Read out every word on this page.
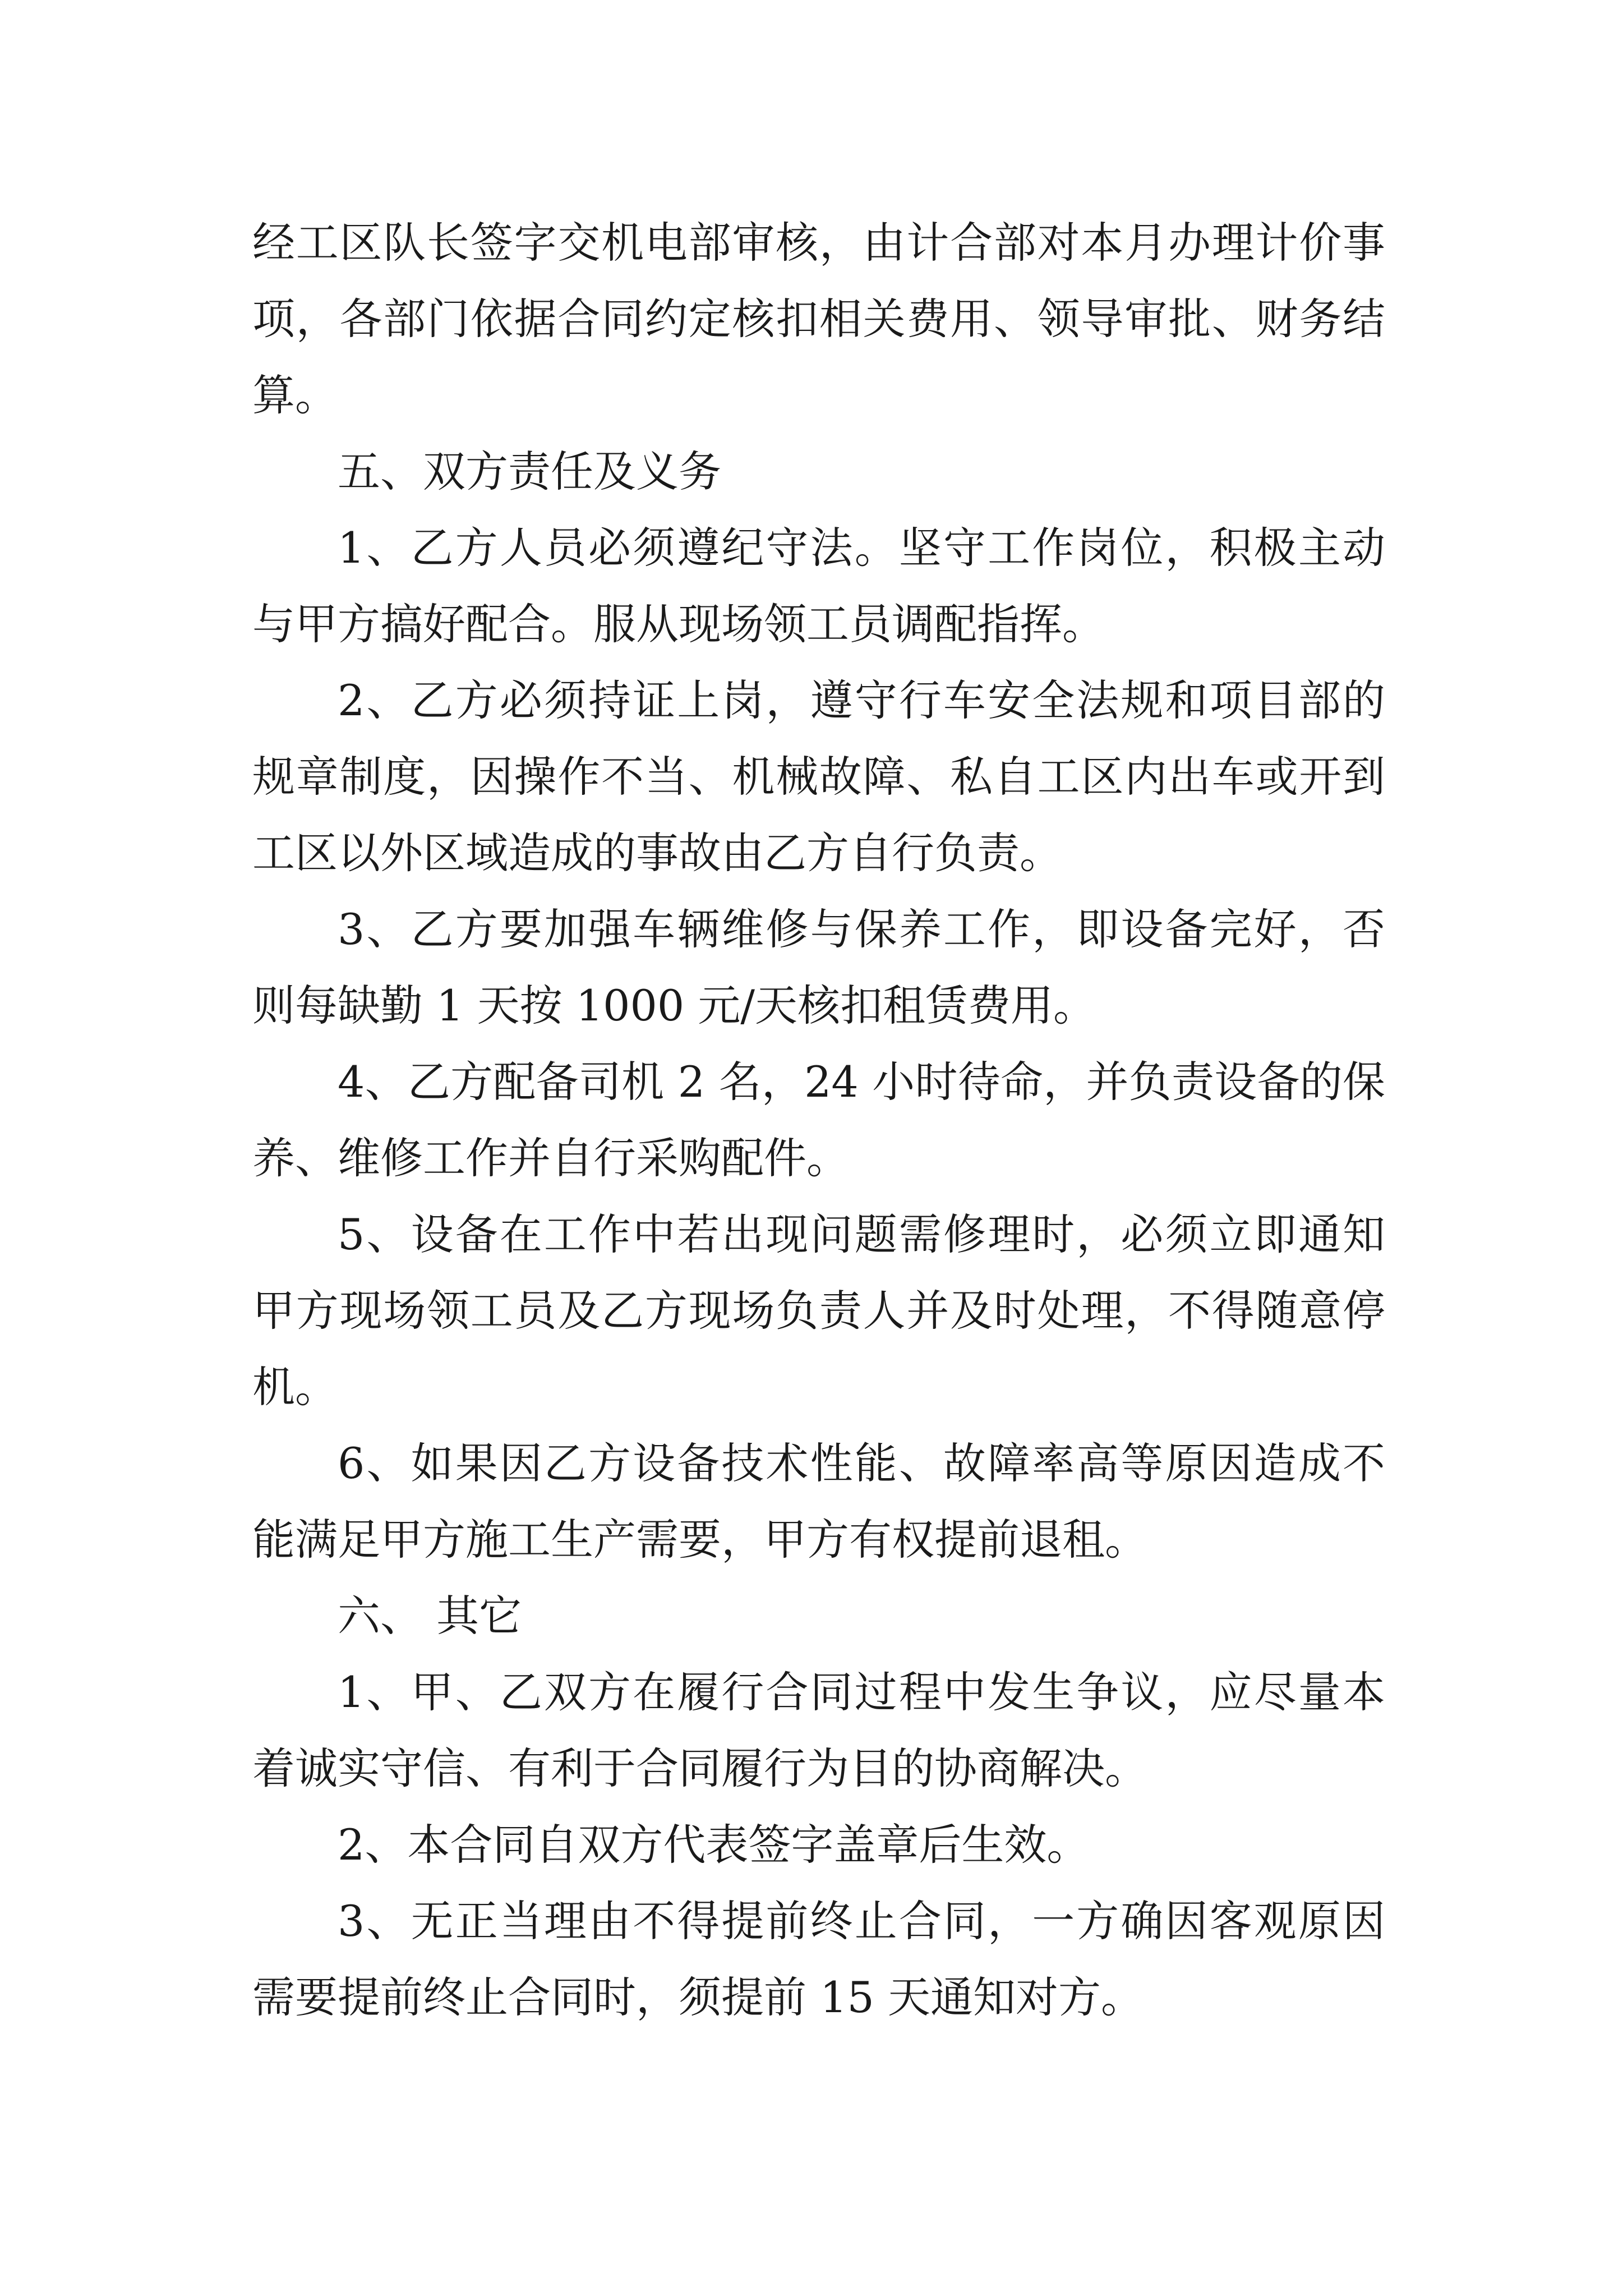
经工区队长签字交机电部审核，由计合部对本月办理计价事项，各部门依据合同约定核扣相关费用、领导审批、财务结算。

五、双方责任及义务

1、乙方人员必须遵纪守法。坚守工作岗位，积极主动与甲方搞好配合。服从现场领工员调配指挥。

2、乙方必须持证上岗，遵守行车安全法规和项目部的规章制度，因操作不当、机械故障、私自工区内出车或开到工区以外区域造成的事故由乙方自行负责。

3、乙方要加强车辆维修与保养工作，即设备完好，否则每缺勤 1 天按 1000 元/天核扣租赁费用。

4、乙方配备司机 2 名，24 小时待命，并负责设备的保养、维修工作并自行采购配件。

5、设备在工作中若出现问题需修理时，必须立即通知甲方现场领工员及乙方现场负责人并及时处理，不得随意停机。

6、如果因乙方设备技术性能、故障率高等原因造成不能满足甲方施工生产需要，甲方有权提前退租。

六、 其它

1、甲、乙双方在履行合同过程中发生争议，应尽量本着诚实守信、有利于合同履行为目的协商解决。

2、本合同自双方代表签字盖章后生效。

3、无正当理由不得提前终止合同，一方确因客观原因需要提前终止合同时，须提前 15 天通知对方。
